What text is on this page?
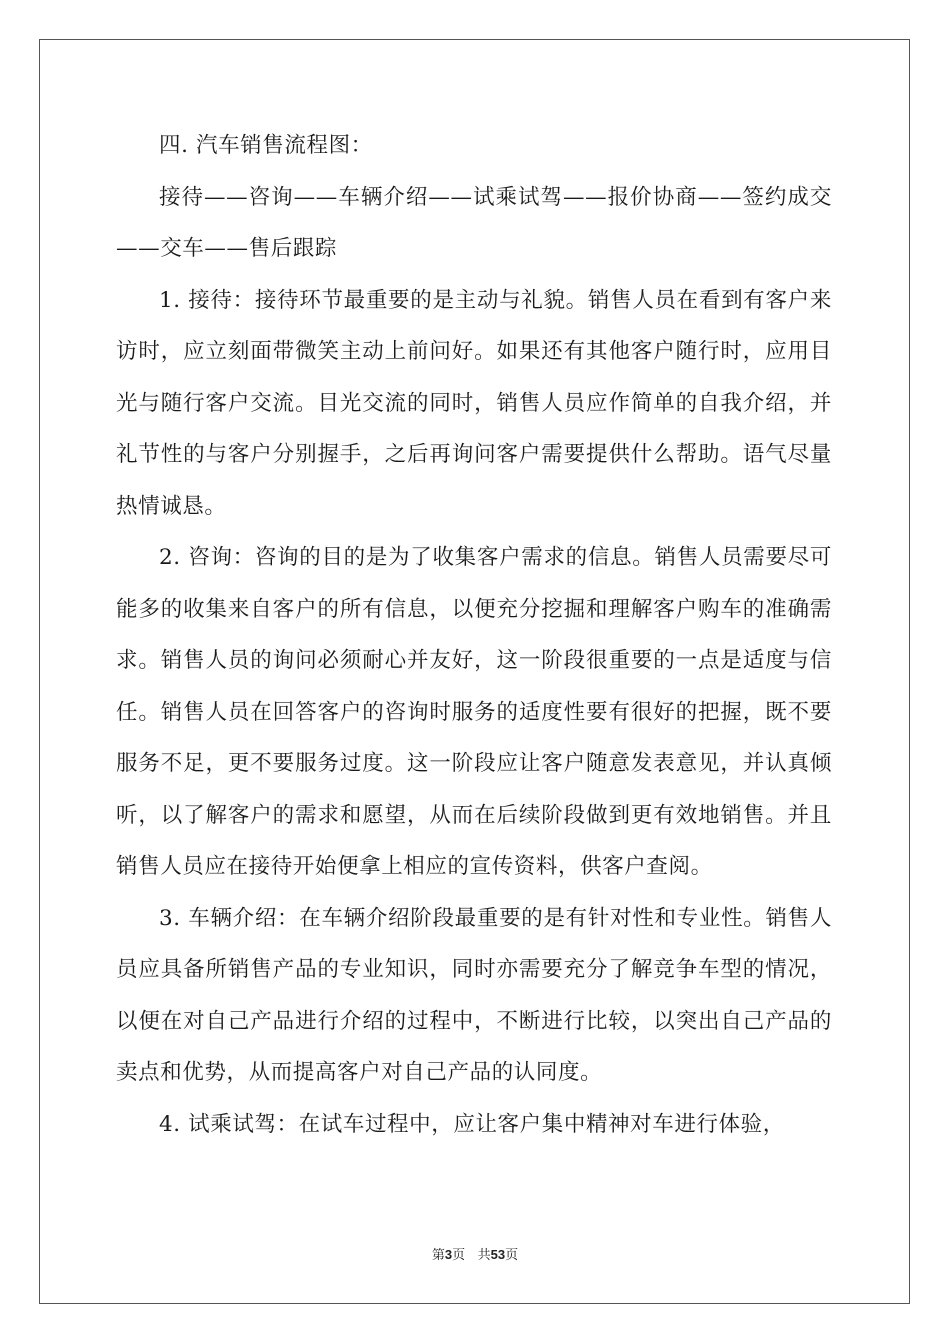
四. 汽车销售流程图：

接待——咨询——车辆介绍——试乘试驾——报价协商——签约成交——交车——售后跟踪

1. 接待：接待环节最重要的是主动与礼貌。销售人员在看到有客户来访时，应立刻面带微笑主动上前问好。如果还有其他客户随行时，应用目光与随行客户交流。目光交流的同时，销售人员应作简单的自我介绍，并礼节性的与客户分别握手，之后再询问客户需要提供什么帮助。语气尽量热情诚恳。

2. 咨询：咨询的目的是为了收集客户需求的信息。销售人员需要尽可能多的收集来自客户的所有信息，以便充分挖掘和理解客户购车的准确需求。销售人员的询问必须耐心并友好，这一阶段很重要的一点是适度与信任。销售人员在回答客户的咨询时服务的适度性要有很好的把握，既不要服务不足，更不要服务过度。这一阶段应让客户随意发表意见，并认真倾听，以了解客户的需求和愿望，从而在后续阶段做到更有效地销售。并且销售人员应在接待开始便拿上相应的宣传资料，供客户查阅。

3. 车辆介绍：在车辆介绍阶段最重要的是有针对性和专业性。销售人员应具备所销售产品的专业知识，同时亦需要充分了解竞争车型的情况，以便在对自己产品进行介绍的过程中，不断进行比较，以突出自己产品的卖点和优势，从而提高客户对自己产品的认同度。

4. 试乘试驾：在试车过程中，应让客户集中精神对车进行体验，

第3页 共53页
